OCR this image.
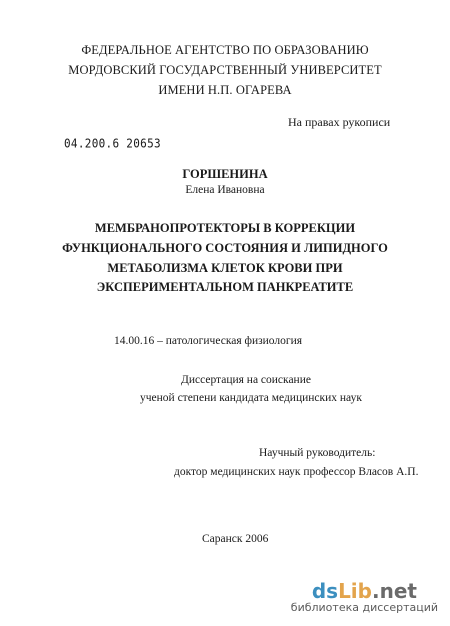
ФЕДЕРАЛЬНОЕ АГЕНТСТВО ПО ОБРАЗОВАНИЮ
МОРДОВСКИЙ ГОСУДАРСТВЕННЫЙ УНИВЕРСИТЕТ
ИМЕНИ Н.П. ОГАРЕВА
На правах рукописи
04.200.6 20653
ГОРШЕНИНА
Елена Ивановна
МЕМБРАНОПРОТЕКТОРЫ В КОРРЕКЦИИ
ФУНКЦИОНАЛЬНОГО СОСТОЯНИЯ И ЛИПИДНОГО
МЕТАБОЛИЗМА КЛЕТОК КРОВИ ПРИ
ЭКСПЕРИМЕНТАЛЬНОМ ПАНКРЕАТИТЕ
14.00.16 – патологическая физиология
Диссертация на соискание
ученой степени кандидата медицинских наук
Научный руководитель:
доктор медицинских наук профессор Власов А.П.
Саранск 2006
dsLib.net
библиотека диссертаций
